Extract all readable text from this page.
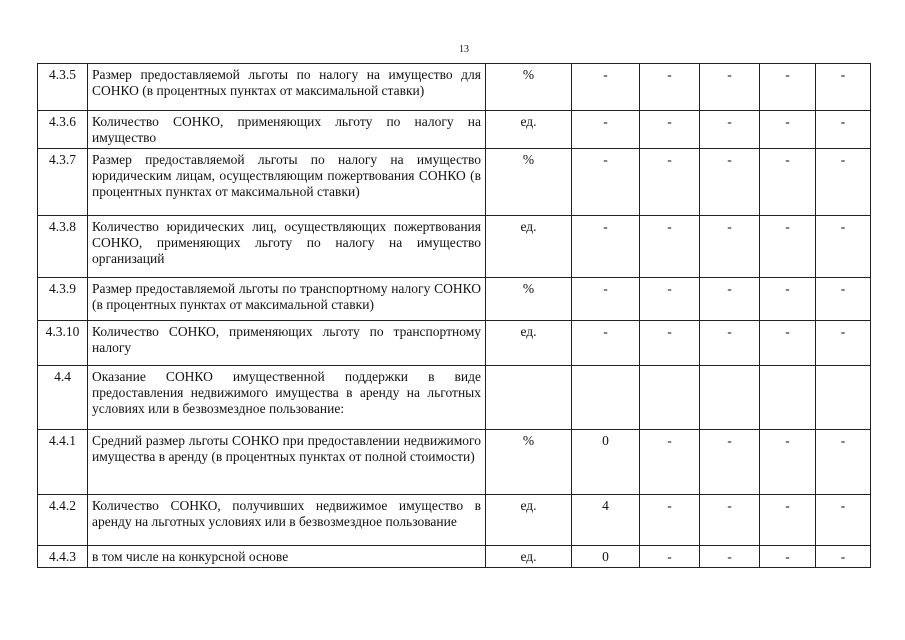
13
4.3.5	Размер предоставляемой льготы по налогу на имущество для СОНКО (в процентных пунктах от максимальной ставки)	%	-	-	-	-	-
4.3.6	Количество СОНКО, применяющих льготу по налогу на имущество	ед.	-	-	-	-	-
4.3.7	Размер предоставляемой льготы по налогу на имущество юридическим лицам, осуществляющим пожертвования СОНКО (в процентных пунктах от максимальной ставки)	%	-	-	-	-	-
4.3.8	Количество юридических лиц, осуществляющих пожертвования СОНКО, применяющих льготу по налогу на имущество организаций	ед.	-	-	-	-	-
4.3.9	Размер предоставляемой льготы по транспортному налогу СОНКО (в процентных пунктах от максимальной ставки)	%	-	-	-	-	-
4.3.10	Количество СОНКО, применяющих льготу по транспортному налогу	ед.	-	-	-	-	-
4.4	Оказание СОНКО имущественной поддержки в виде предоставления недвижимого имущества в аренду на льготных условиях или в безвозмездное пользование:						
4.4.1	Средний размер льготы СОНКО при предоставлении недвижимого имущества в аренду (в процентных пунктах от полной стоимости)	%	0	-	-	-	-
4.4.2	Количество СОНКО, получивших недвижимое имущество в аренду на льготных условиях или в безвозмездное пользование	ед.	4	-	-	-	-
4.4.3	в том числе на конкурсной основе	ед.	0	-	-	-	-
